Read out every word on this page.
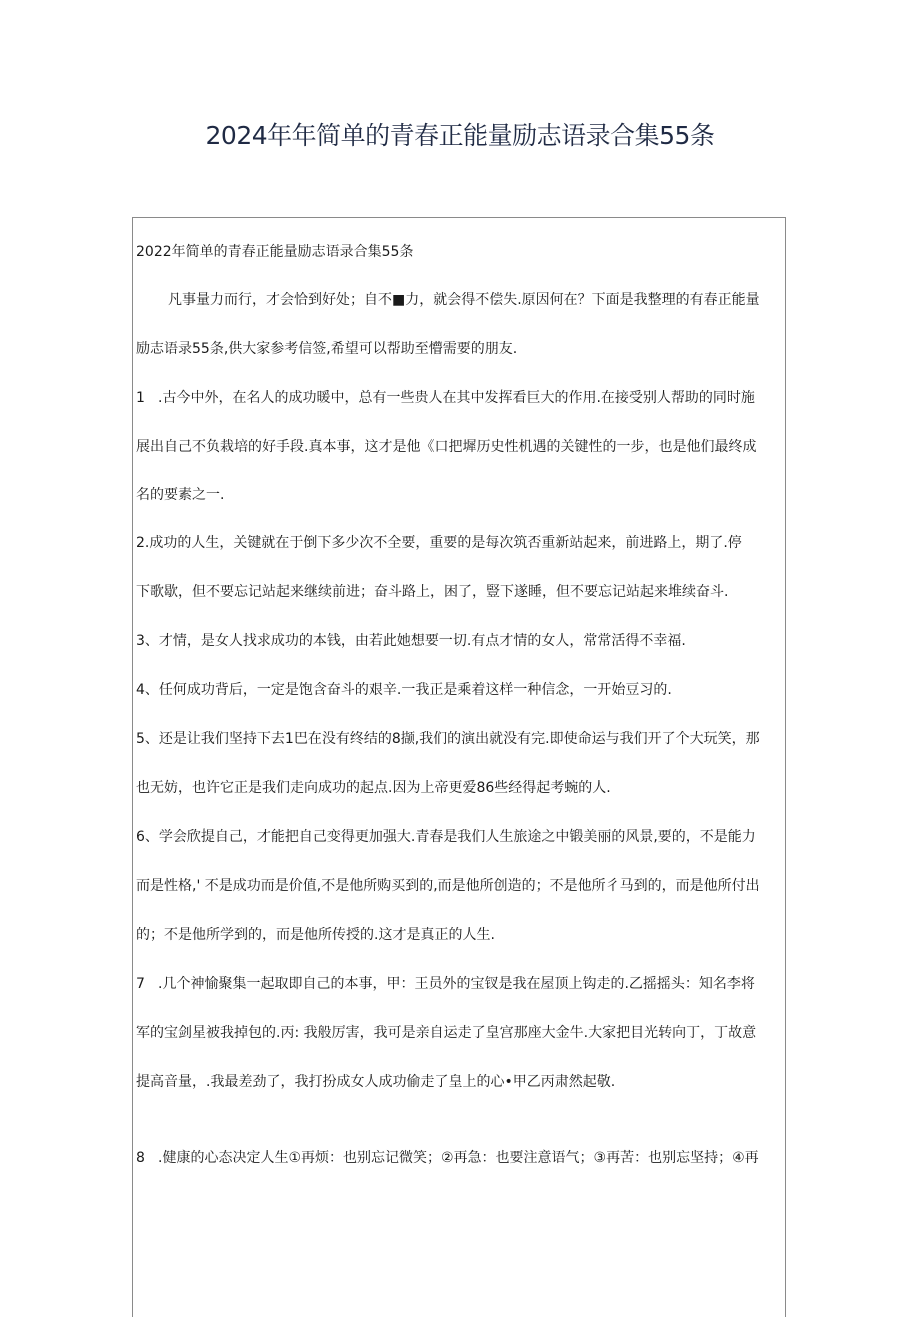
2024年年简单的青春正能量励志语录合集55条
2022年简单的青春正能量励志语录合集55条
凡事量力而行，才会恰到好处；自不■力，就会得不偿失.原因何在？下面是我整理的有春正能量
励志语录55条,供大家参考信签,希望可以帮助至懵需要的朋友.
1 .古今中外，在名人的成功暖中，总有一些贵人在其中发挥看巨大的作用.在接受别人帮助的同时施
展出自己不负栽培的好手段.真本事，这才是他《口把墀历史性机遇的关键性的一步，也是他们最终成
名的要素之一.
2.成功的人生，关键就在于倒下多少次不全要，重要的是每次筑否重新站起来，前进路上，期了.停
下歌歇，但不要忘记站起来继续前进；奋斗路上，困了，豎下遂睡，但不要忘记站起来堆续奋斗.
3、才情，是女人找求成功的本钱，由若此她想要一切.有点才情的女人，常常活得不幸福.
4、任何成功背后，一定是饱含奋斗的艰辛.一我正是乘着这样一种信念，一开始豆习的.
5、还是让我们坚持下去1巴在没有终结的8撷,我们的演出就没有完.即使命运与我们开了个大玩笑，那
也无妨，也许它正是我们走向成功的起点.因为上帝更爱86些经得起考蜿的人.
6、学会欣提自己，才能把自己变得更加强大.青春是我们人生旅途之中锻美丽的风景,要的，不是能力
而是性格,' 不是成功而是价值,不是他所购买到的,而是他所创造的；不是他所彳马到的，而是他所付出
的；不是他所学到的，而是他所传授的.这才是真正的人生.
7 .几个神愉聚集一起取即自己的本事，甲：王员外的宝钗是我在屋顶上钩走的.乙摇摇头：知名李将
军的宝剑星被我掉包的.丙: 我般厉害，我可是亲自运走了皇宫那座大金牛.大家把目光转向丁，丁故意
提高音量，.我最差劲了，我打扮成女人成功偷走了皇上的心•甲乙丙肃然起敬.
8 .健康的心态决定人生①再烦：也别忘记微笑；②再急：也要注意语气；③再苦：也别忘坚持；④再
